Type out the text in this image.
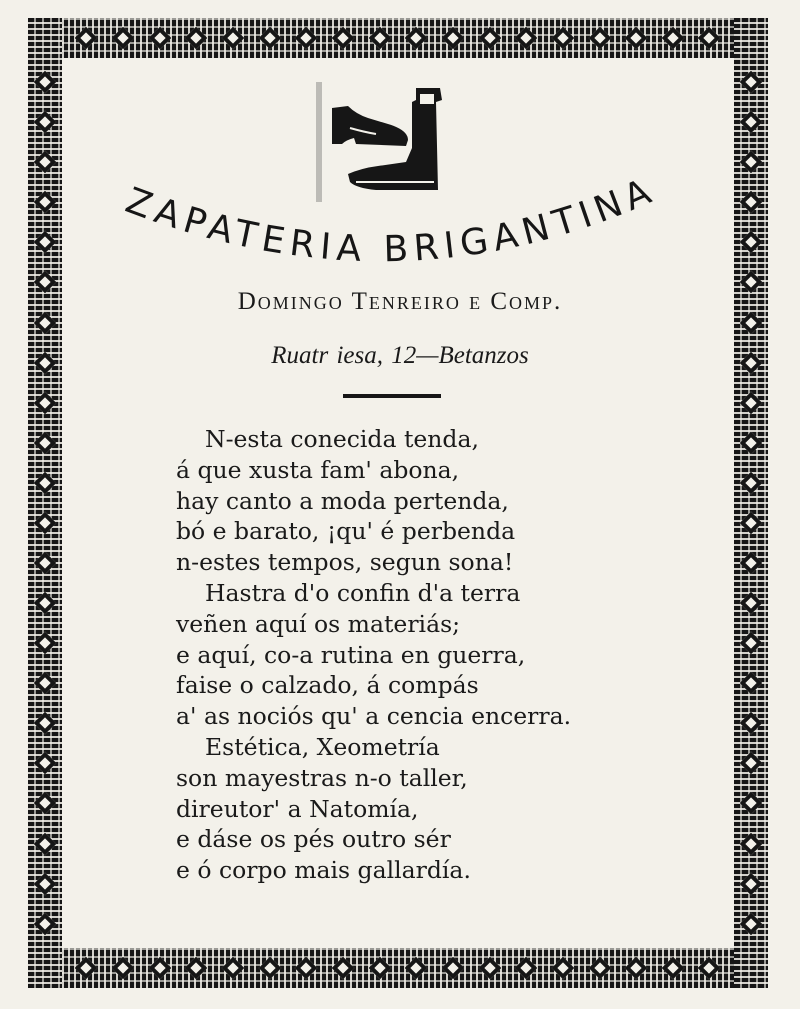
ZAPATERIA BRIGANTINA
Domingo Tenreiro e Comp.
Ruatr iesa, 12—Betanzos
N-esta conecida tenda,
á que xusta fam' abona,
hay canto a moda pertenda,
bó e barato, ¡qu' é perbenda
n-estes tempos, segun sona!
Hastra d'o confin d'a terra
veñen aquí os materiás;
e aquí, co-a rutina en guerra,
faise o calzado, á compás
a' as nociós qu' a cencia encerra.
Estética, Xeometría
son mayestras n-o taller,
direutor' a Natomía,
e dáse os pés outro sér
e ó corpo mais gallardía.
